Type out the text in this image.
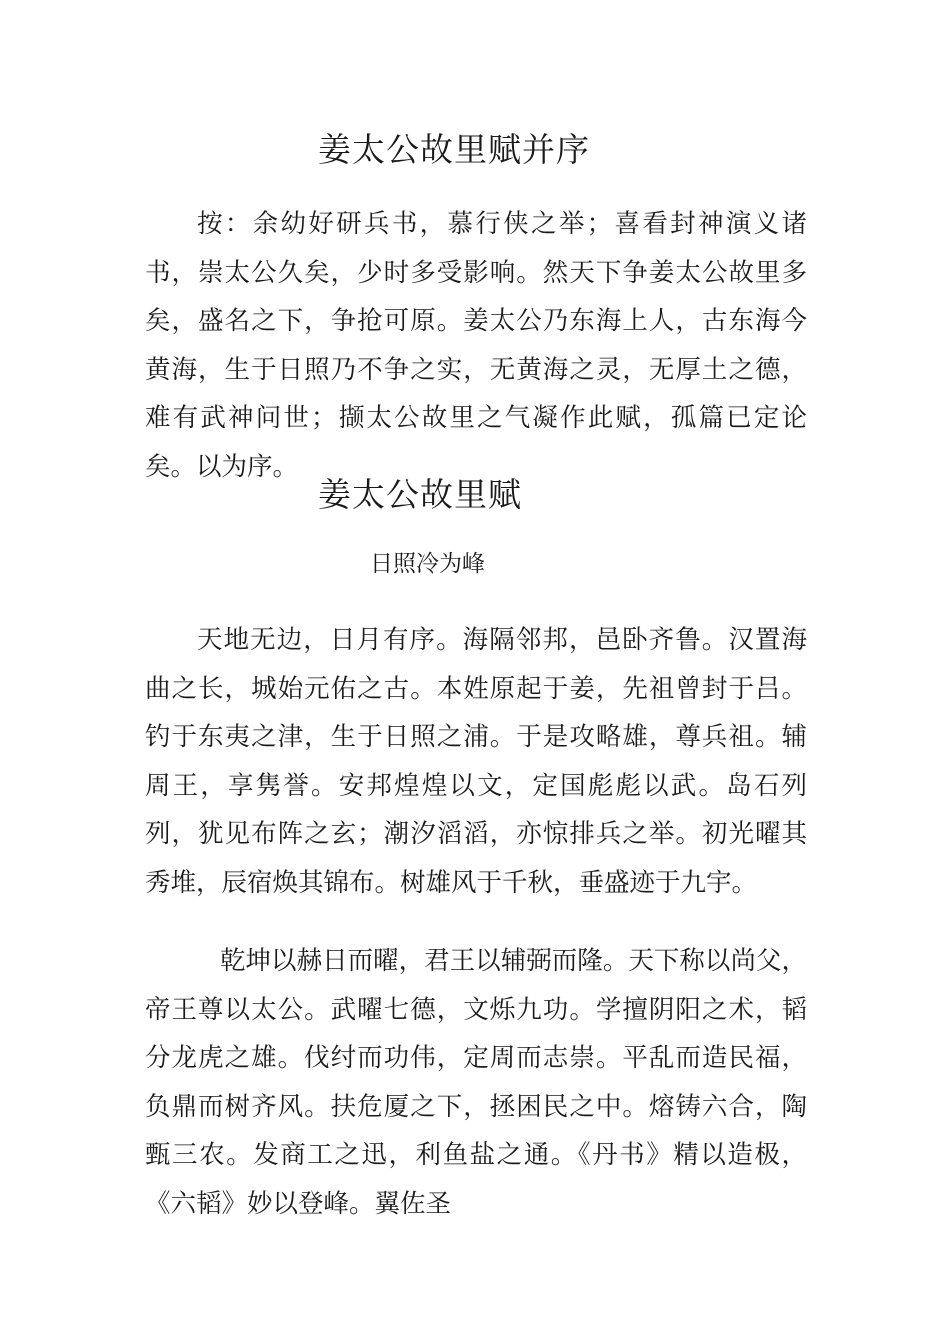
姜太公故里赋并序

按：余幼好研兵书，慕行侠之举；喜看封神演义诸书，崇太公久矣，少时多受影响。然天下争姜太公故里多矣，盛名之下，争抢可原。姜太公乃东海上人，古东海今黄海，生于日照乃不争之实，无黄海之灵，无厚土之德，难有武神问世；撷太公故里之气凝作此赋，孤篇已定论矣。以为序。

姜太公故里赋

日照冷为峰

天地无边，日月有序。海隔邻邦，邑卧齐鲁。汉置海曲之长，城始元佑之古。本姓原起于姜，先祖曾封于吕。钓于东夷之津，生于日照之浦。于是攻略雄，尊兵祖。辅周王，享隽誉。安邦煌煌以文，定国彪彪以武。岛石列列，犹见布阵之玄；潮汐滔滔，亦惊排兵之举。初光曜其秀堆，辰宿焕其锦布。树雄风于千秋，垂盛迹于九宇。

乾坤以赫日而曜，君王以辅弼而隆。天下称以尚父，帝王尊以太公。武曜七德，文烁九功。学擅阴阳之术，韬分龙虎之雄。伐纣而功伟，定周而志崇。平乱而造民福，负鼎而树齐风。扶危厦之下，拯困民之中。熔铸六合，陶甄三农。发商工之迅，利鱼盐之通。《丹书》精以造极，《六韬》妙以登峰。翼佐圣
